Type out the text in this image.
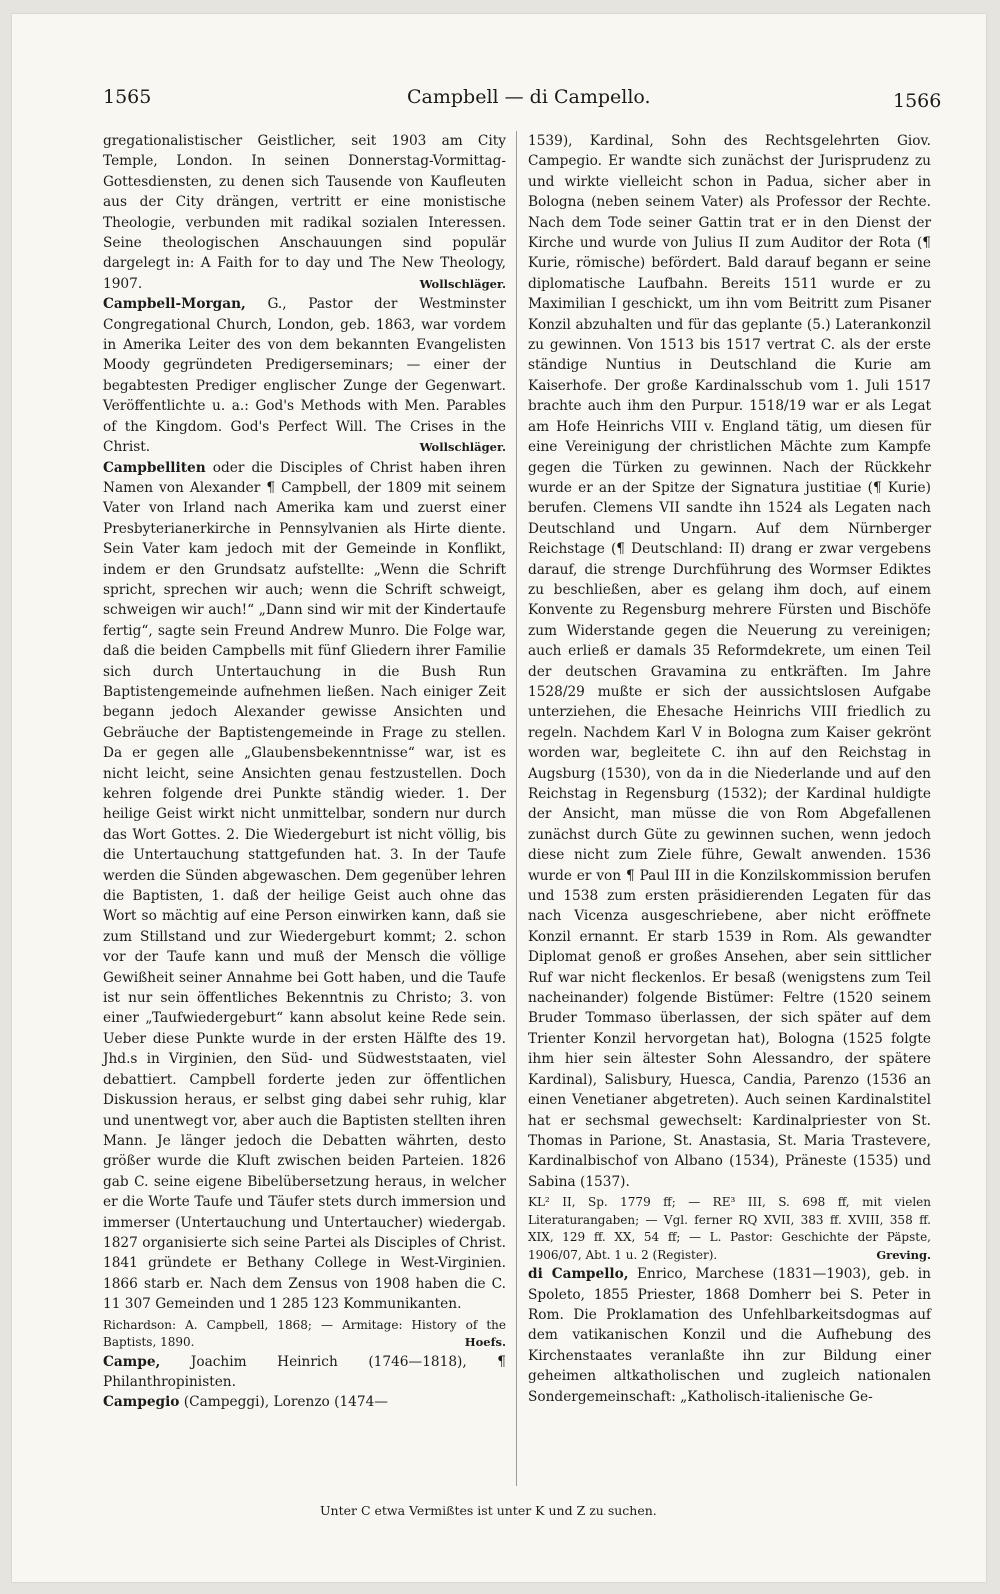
1565	Campbell — di Campello.	1566

gregationalistischer Geistlicher, seit 1903 am City Temple, London. In seinen Donnerstag-Vormittag-Gottesdiensten, zu denen sich Tausende von Kaufleuten aus der City drängen, vertritt er eine monistische Theologie, verbunden mit radikal sozialen Interessen. Seine theologischen Anschauungen sind populär dargelegt in: A Faith for to day und The New Theology, 1907.	Wollschläger.

Campbell-Morgan, G., Pastor der Westminster Congregational Church, London, geb. 1863, war vordem in Amerika Leiter des von dem bekannten Evangelisten Moody gegründeten Predigerseminars; — einer der begabtesten Prediger englischer Zunge der Gegenwart. Veröffentlichte u. a.: God's Methods with Men. Parables of the Kingdom. God's Perfect Will. The Crises in the Christ.	Wollschläger.

Campbelliten oder die Disciples of Christ haben ihren Namen von Alexander ¶ Campbell, der 1809 mit seinem Vater von Irland nach Amerika kam und zuerst einer Presbyterianerkirche in Pennsylvanien als Hirte diente. Sein Vater kam jedoch mit der Gemeinde in Konflikt, indem er den Grundsatz aufstellte: „Wenn die Schrift spricht, sprechen wir auch; wenn die Schrift schweigt, schweigen wir auch!“ „Dann sind wir mit der Kindertaufe fertig“, sagte sein Freund Andrew Munro. Die Folge war, daß die beiden Campbells mit fünf Gliedern ihrer Familie sich durch Untertauchung in die Bush Run Baptistengemeinde aufnehmen ließen. Nach einiger Zeit begann jedoch Alexander gewisse Ansichten und Gebräuche der Baptistengemeinde in Frage zu stellen. Da er gegen alle „Glaubensbekenntnisse“ war, ist es nicht leicht, seine Ansichten genau festzustellen. Doch kehren folgende drei Punkte ständig wieder. 1. Der heilige Geist wirkt nicht unmittelbar, sondern nur durch das Wort Gottes. 2. Die Wiedergeburt ist nicht völlig, bis die Untertauchung stattgefunden hat. 3. In der Taufe werden die Sünden abgewaschen. Dem gegenüber lehren die Baptisten, 1. daß der heilige Geist auch ohne das Wort so mächtig auf eine Person einwirken kann, daß sie zum Stillstand und zur Wiedergeburt kommt; 2. schon vor der Taufe kann und muß der Mensch die völlige Gewißheit seiner Annahme bei Gott haben, und die Taufe ist nur sein öffentliches Bekenntnis zu Christo; 3. von einer „Taufwiedergeburt“ kann absolut keine Rede sein. Ueber diese Punkte wurde in der ersten Hälfte des 19. Jhd.s in Virginien, den Süd- und Südweststaaten, viel debattiert. Campbell forderte jeden zur öffentlichen Diskussion heraus, er selbst ging dabei sehr ruhig, klar und unentwegt vor, aber auch die Baptisten stellten ihren Mann. Je länger jedoch die Debatten währten, desto größer wurde die Kluft zwischen beiden Parteien. 1826 gab C. seine eigene Bibelübersetzung heraus, in welcher er die Worte Taufe und Täufer stets durch immersion und immerser (Untertauchung und Untertaucher) wiedergab. 1827 organisierte sich seine Partei als Disciples of Christ. 1841 gründete er Bethany College in West-Virginien. 1866 starb er. Nach dem Zensus von 1908 haben die C. 11 307 Gemeinden und 1 285 123 Kommunikanten.

Richardson: A. Campbell, 1868; — Armitage: History of the Baptists, 1890.	Hoefs.

Campe, Joachim Heinrich (1746—1818), ¶ Philanthropinisten.

Campegio (Campeggi), Lorenzo (1474—

1539), Kardinal, Sohn des Rechtsgelehrten Giov. Campegio. Er wandte sich zunächst der Jurisprudenz zu und wirkte vielleicht schon in Padua, sicher aber in Bologna (neben seinem Vater) als Professor der Rechte. Nach dem Tode seiner Gattin trat er in den Dienst der Kirche und wurde von Julius II zum Auditor der Rota (¶ Kurie, römische) befördert. Bald darauf begann er seine diplomatische Laufbahn. Bereits 1511 wurde er zu Maximilian I geschickt, um ihn vom Beitritt zum Pisaner Konzil abzuhalten und für das geplante (5.) Laterankonzil zu gewinnen. Von 1513 bis 1517 vertrat C. als der erste ständige Nuntius in Deutschland die Kurie am Kaiserhofe. Der große Kardinalsschub vom 1. Juli 1517 brachte auch ihm den Purpur. 1518/19 war er als Legat am Hofe Heinrichs VIII v. England tätig, um diesen für eine Vereinigung der christlichen Mächte zum Kampfe gegen die Türken zu gewinnen. Nach der Rückkehr wurde er an der Spitze der Signatura justitiae (¶ Kurie) berufen. Clemens VII sandte ihn 1524 als Legaten nach Deutschland und Ungarn. Auf dem Nürnberger Reichstage (¶ Deutschland: II) drang er zwar vergebens darauf, die strenge Durchführung des Wormser Ediktes zu beschließen, aber es gelang ihm doch, auf einem Konvente zu Regensburg mehrere Fürsten und Bischöfe zum Widerstande gegen die Neuerung zu vereinigen; auch erließ er damals 35 Reformdekrete, um einen Teil der deutschen Gravamina zu entkräften. Im Jahre 1528/29 mußte er sich der aussichtslosen Aufgabe unterziehen, die Ehesache Heinrichs VIII friedlich zu regeln. Nachdem Karl V in Bologna zum Kaiser gekrönt worden war, begleitete C. ihn auf den Reichstag in Augsburg (1530), von da in die Niederlande und auf den Reichstag in Regensburg (1532); der Kardinal huldigte der Ansicht, man müsse die von Rom Abgefallenen zunächst durch Güte zu gewinnen suchen, wenn jedoch diese nicht zum Ziele führe, Gewalt anwenden. 1536 wurde er von ¶ Paul III in die Konzilskommission berufen und 1538 zum ersten präsidierenden Legaten für das nach Vicenza ausgeschriebene, aber nicht eröffnete Konzil ernannt. Er starb 1539 in Rom. Als gewandter Diplomat genoß er großes Ansehen, aber sein sittlicher Ruf war nicht fleckenlos. Er besaß (wenigstens zum Teil nacheinander) folgende Bistümer: Feltre (1520 seinem Bruder Tommaso überlassen, der sich später auf dem Trienter Konzil hervorgetan hat), Bologna (1525 folgte ihm hier sein ältester Sohn Alessandro, der spätere Kardinal), Salisbury, Huesca, Candia, Parenzo (1536 an einen Venetianer abgetreten). Auch seinen Kardinalstitel hat er sechsmal gewechselt: Kardinalpriester von St. Thomas in Parione, St. Anastasia, St. Maria Trastevere, Kardinalbischof von Albano (1534), Pränestе (1535) und Sabina (1537).

KL² II, Sp. 1779 ff; — RE³ III, S. 698 ff, mit vielen Literaturangaben; — Vgl. ferner RQ XVII, 383 ff. XVIII, 358 ff. XIX, 129 ff. XX, 54 ff; — L. Pastor: Geschichte der Päpste, 1906/07, Abt. 1 u. 2 (Register).	Greving.

di Campello, Enrico, Marchese (1831—1903), geb. in Spoleto, 1855 Priester, 1868 Domherr bei S. Peter in Rom. Die Proklamation des Unfehlbarkeitsdogmas auf dem vatikanischen Konzil und die Aufhebung des Kirchenstaates veranlaßte ihn zur Bildung einer geheimen altkatholischen und zugleich nationalen Sondergemeinschaft: „Katholisch-italienische Ge-

Unter C etwa Vermißtes ist unter K und Z zu suchen.
